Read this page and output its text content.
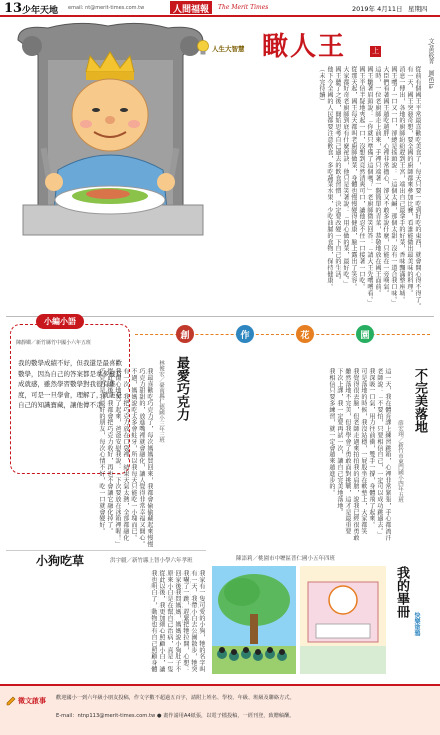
13 少年天地 email: nt@merit-times.com.tw	人間福報	The Merit Times	2019年 4月11日 星期四
人生大智慧 瞰人王	上	文/黃筱菁　圖/Ella
從前有個國王平常最喜歡吃美食了，每天只要一吃到好吃的東西，就會開心得不得了。
有一天，國王突發奇想，要全國的廚師都來參加比賽，看誰能做出最美味的料理。
消息一傳出，各地的廚師紛紛趕到王宮，端出自己最拿手的好菜，香味飄滿整座城。
國王嚐了一口又一口，卻總是搖頭說：「這個太鹹，那個太甜，沒有一道合我口味。」
大臣們看著國王越吃越胖，心裡非常擔心，卻又不敢多說什麼，只能在一旁嘆氣。
這時，一位老廚師走上前來，手裡只端著一盤簡單的青菜，恭敬地放在國王面前。
國王皺著眉頭說：「你就只準備了這個嗎？」老廚師微笑回答：「請大王先嚐嚐看。」
國王半信半疑地夾起一口，沒想到竟然清爽可口，讓他忍不住一口接著一口吃。
從那天起，國王每天都叫老廚師做菜，身體也慢慢變得健康，臉上露出了笑容。
大家都好奇老廚師到底有什麼祕訣，他只是笑著說：「用心做的菜，最好吃。」
國王聽了之後，開始思考自己過去的飲食習慣，決定要改變一下自己的生活。
他下令全國的人民都要注意飲食，多吃蔬菜水果，少吃油膩的食物，保持健康。
（未完待續）
小編小語
陳靜嫺／新竹縣竹中國小六年五班
我的數學成績不好，但我還是最喜歡數學，因為自己的答案都是拿多樣有成就感，雖然學習數學對我很有難度，可是一旦學會，理解了，就能是自己的知識寶藏，讓他傳不走。
創	作	花	園
最愛巧克力
林俊宏／臺南縣仁德國小三年三班
我最喜歡吃巧克力了，每次媽媽買回來，我都會偷偷藏起來慢慢
巧克力甜甜的，放進嘴裡就會融化，讓人覺得非常幸福又開心。
不過，媽媽說吃太多會蛀牙，所以我每天只能吃一小塊而已。
有一次，我把巧克力放在口袋裡，結果天氣太熱，全部都融化
我傷心地哭了起來，爸爸安慰我說：「下次要放在冰箱裡喔！」
從此以後，我都會把巧克力收好，再也不會讓它融化掉了。
巧克力是我最好的朋友，每次心情不好，吃一口就會變好。	不完美落地
薛宏翊／新竹市東門國小四年五班
這一天，我在體育課上練習跳箱，心裡非常緊張，手心都流汗
老師說：「不要怕，只要相信自己，一定可以成功跳過去。」
我深吸一口氣，用力往前衝，雙手一撐，身體飛了起來。
可是落地的時候，我沒站穩，一屁股坐在軟墊上，大家都笑
我覺得很丟臉，但老師走過來拍拍我的肩膀，說我已經很勇敢
雖然落地不完美，但我學會了勇敢面對挑戰，這才是最重要
下次上課，我一定要再試一次，讓自己完美地落地。
我相信只要多練習，就一定會越來越進步的。
小狗吃草	洪宇疆／新竹縣上智小學六年孝班
我家有一隻可愛的小狗，牠的名字叫
有一天，我帶小白去公園散步，牠突
我嚇了一跳，趕緊把牠拉開，心想：
回家後我問媽媽，媽媽說小狗肚子不
原來小白是在幫自己治病，真是一隻
從此以後，我更加細心照顧小白，讓
我也明白了，動物也有自己照顧身體
陳語莉／桃園市中壢區普仁國小五年四班
我的畢冊
快樂塗鴉
徵文啟事 歡迎國小一到六年級小朋友投稿，作文字數不超過五百字，請附上姓名、學校、年級、班級及聯絡方式。
E-mail：ntnp113@merit-times.com.tw ● 畫作請用A4紙張，以電子檔投稿，一經刊登，致贈稿酬。
